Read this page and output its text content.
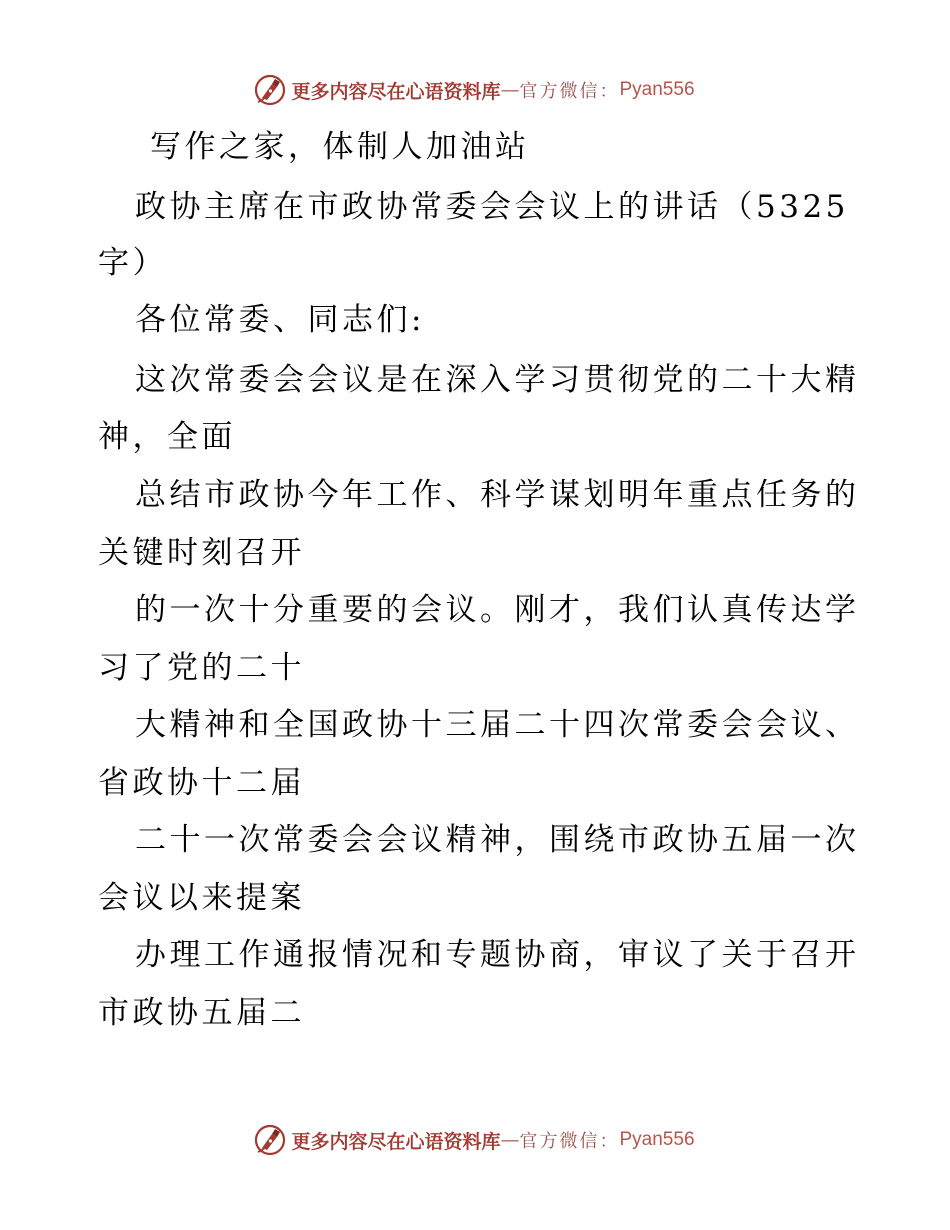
更多内容尽在心语资料库 — 官方微信： Pyan556
写作之家，体制人加油站
政协主席在市政协常委会会议上的讲话（5325
字）
各位常委、同志们:
这次常委会会议是在深入学习贯彻党的二十大精
神，全面
总结市政协今年工作、科学谋划明年重点任务的
关键时刻召开
的一次十分重要的会议。刚才，我们认真传达学
习了党的二十
大精神和全国政协十三届二十四次常委会会议、
省政协十二届
二十一次常委会会议精神，围绕市政协五届一次
会议以来提案
办理工作通报情况和专题协商，审议了关于召开
市政协五届二
更多内容尽在心语资料库 — 官方微信： Pyan556
